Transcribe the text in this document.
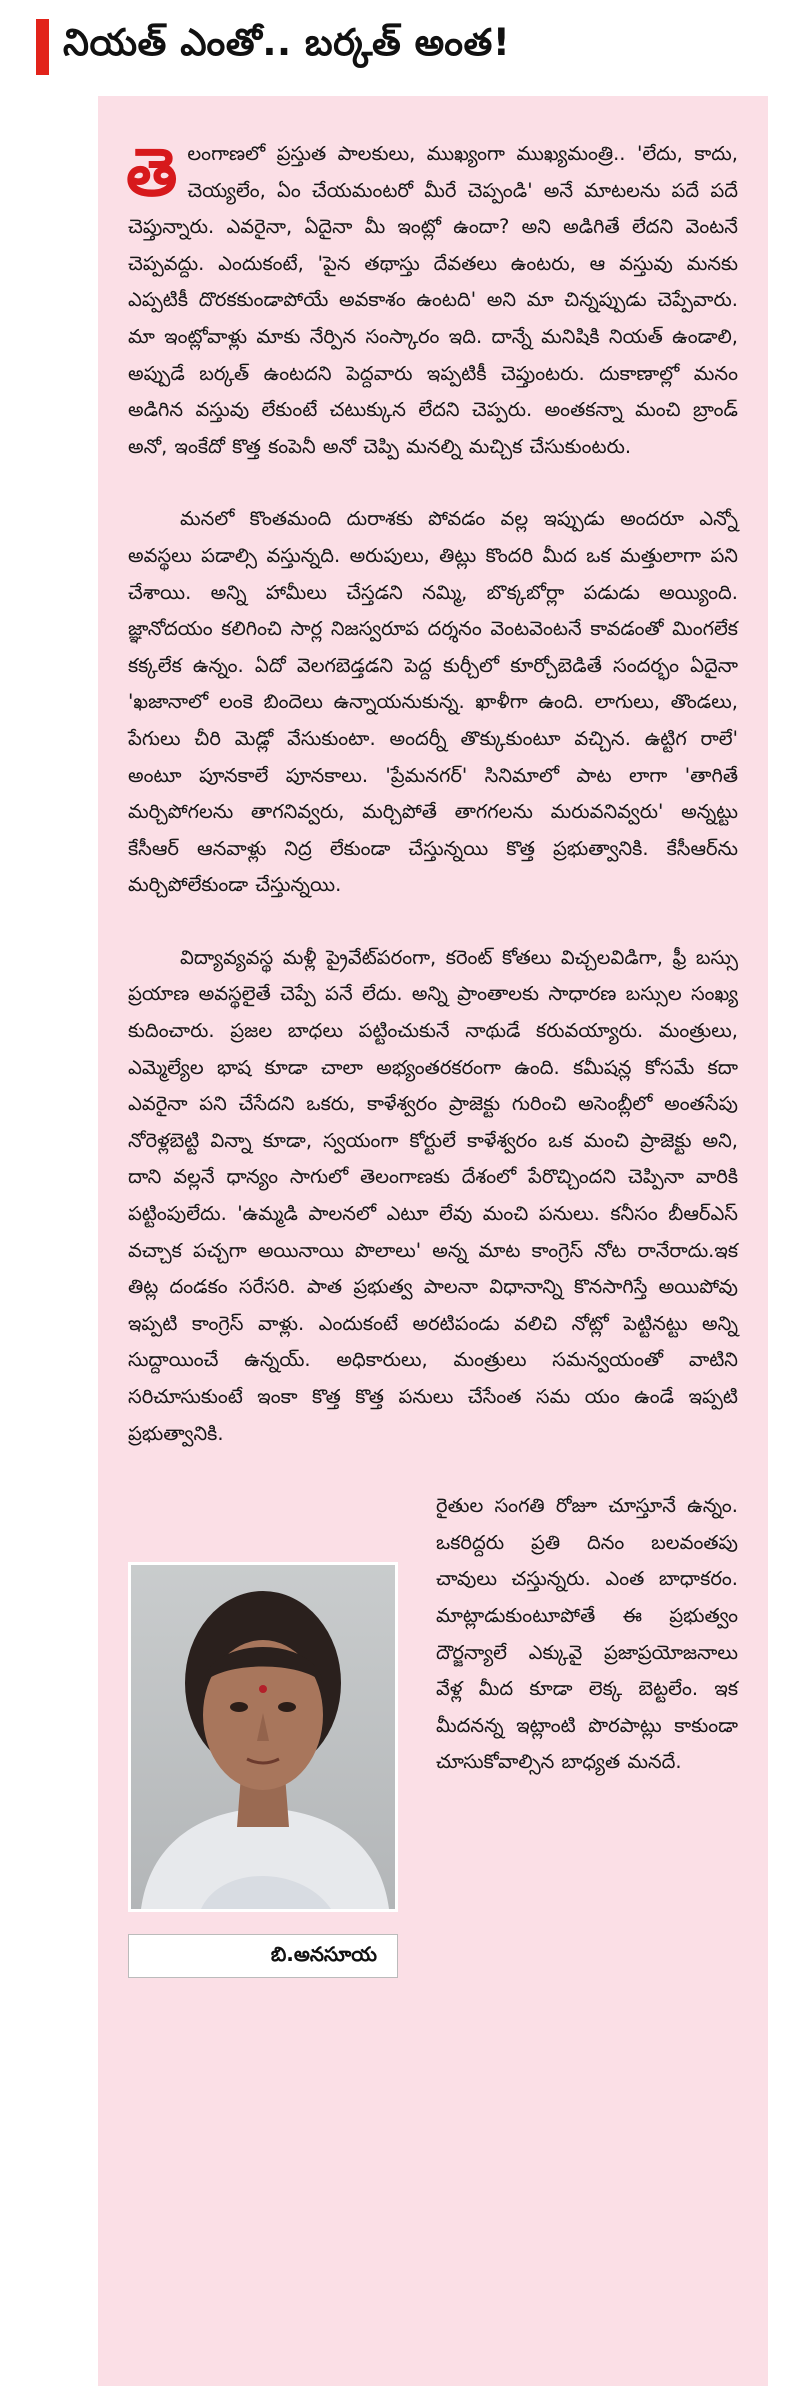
నియత్ ఎంతో.. బర్కత్ అంత!

తెలంగాణలో ప్రస్తుత పాలకులు, ముఖ్యంగా ముఖ్యమంత్రి.. 'లేదు, కాదు, చెయ్యలేం, ఏం చేయమంటరో మీరే చెప్పండి' అనే మాటలను పదే పదే చెప్తున్నారు. ఎవరైనా, ఏదైనా మీ ఇంట్లో ఉందా? అని అడిగితే లేదని వెంటనే చెప్పవద్దు. ఎందుకంటే, 'పైన తథాస్తు దేవతలు ఉంటరు, ఆ వస్తువు మనకు ఎప్పటికీ దొరకకుండాపోయే అవకాశం ఉంటది' అని మా చిన్నప్పుడు చెప్పేవారు. మా ఇంట్లోవాళ్లు మాకు నేర్పిన సంస్కారం ఇది. దాన్నే మనిషికి నియత్ ఉండాలి, అప్పుడే బర్కత్ ఉంటదని పెద్దవారు ఇప్పటికీ చెప్తుంటరు. దుకాణాల్లో మనం అడిగిన వస్తువు లేకుంటే చటుక్కున లేదని చెప్పరు. అంతకన్నా మంచి బ్రాండ్ అనో, ఇంకేదో కొత్త కంపెనీ అనో చెప్పి మనల్ని మచ్చిక చేసుకుంటరు.

మనలో కొంతమంది దురాశకు పోవడం వల్ల ఇప్పుడు అందరూ ఎన్నో అవస్థలు పడాల్సి వస్తున్నది. అరుపులు, తిట్లు కొందరి మీద ఒక మత్తులాగా పని చేశాయి. అన్ని హామీలు చేస్తడని నమ్మి, బొక్కబోర్లా పడుడు అయ్యింది. జ్ఞానోదయం కలిగించి సార్ల నిజస్వరూప దర్శనం వెంటవెంటనే కావడంతో మింగలేక కక్కలేక ఉన్నం. ఏదో వెలగబెడ్తడని పెద్ద కుర్చీలో కూర్చోబెడితే సందర్భం ఏదైనా 'ఖజానాలో లంకె బిందెలు ఉన్నాయనుకున్న. ఖాళీగా ఉంది. లాగులు, తొండలు, పేగులు చీరి మెడ్లో వేసుకుంటా. అందర్నీ తొక్కుకుంటూ వచ్చిన. ఉట్టిగ రాలే' అంటూ పూనకాలే పూనకాలు. 'ప్రేమనగర్' సినిమాలో పాట లాగా 'తాగితే మర్చిపోగలను తాగనివ్వరు, మర్చిపోతే తాగగలను మరువనివ్వరు' అన్నట్టు కేసీఆర్ ఆనవాళ్లు నిద్ర లేకుండా చేస్తున్నయి కొత్త ప్రభుత్వానికి. కేసీఆర్‌ను మర్చిపోలేకుండా చేస్తున్నయి.

విద్యావ్యవస్థ మళ్లీ ప్రైవేట్‌పరంగా, కరెంట్ కోతలు విచ్చలవిడిగా, ఫ్రీ బస్సు ప్రయాణ అవస్థలైతే చెప్పే పనే లేదు. అన్ని ప్రాంతాలకు సాధారణ బస్సుల సంఖ్య కుదించారు. ప్రజల బాధలు పట్టించుకునే నాథుడే కరువయ్యారు. మంత్రులు, ఎమ్మెల్యేల భాష కూడా చాలా అభ్యంతరకరంగా ఉంది. కమీషన్ల కోసమే కదా ఎవరైనా పని చేసేదని ఒకరు, కాళేశ్వరం ప్రాజెక్టు గురించి అసెంబ్లీలో అంతసేపు నోరెళ్లబెట్టి విన్నా కూడా, స్వయంగా కోర్టులే కాళేశ్వరం ఒక మంచి ప్రాజెక్టు అని, దాని వల్లనే ధాన్యం సాగులో తెలంగాణకు దేశంలో పేరొచ్చిందని చెప్పినా వారికి పట్టింపులేదు. 'ఉమ్మడి పాలనలో ఎటూ లేవు మంచి పనులు. కనీసం బీఆర్‌ఎస్ వచ్చాక పచ్చగా అయినాయి పొలాలు' అన్న మాట కాంగ్రెస్ నోట రానేరాదు.ఇక తిట్ల దండకం సరేసరి. పాత ప్రభుత్వ పాలనా విధానాన్ని కొనసాగిస్తే అయిపోవు ఇప్పటి కాంగ్రెస్ వాళ్లు. ఎందుకంటే అరటిపండు వలిచి నోట్లో పెట్టినట్టు అన్ని సుద్దాయించే ఉన్నయ్. అధికారులు, మంత్రులు సమన్వయంతో వాటిని సరిచూసుకుంటే ఇంకా కొత్త కొత్త పనులు చేసేంత సమ యం ఉండే ఇప్పటి ప్రభుత్వానికి.

బి.అనసూయ

రైతుల సంగతి రోజూ చూస్తూనే ఉన్నం. ఒకరిద్దరు ప్రతి దినం బలవంతపు చావులు చస్తున్నరు. ఎంత బాధాకరం. మాట్లాడుకుంటూపోతే ఈ ప్రభుత్వం దౌర్జన్యాలే ఎక్కువై ప్రజాప్రయోజనాలు వేళ్ల మీద కూడా లెక్క బెట్టలేం. ఇక మీదనన్న ఇట్లాంటి పొరపాట్లు కాకుండా చూసుకోవాల్సిన బాధ్యత మనదే.
